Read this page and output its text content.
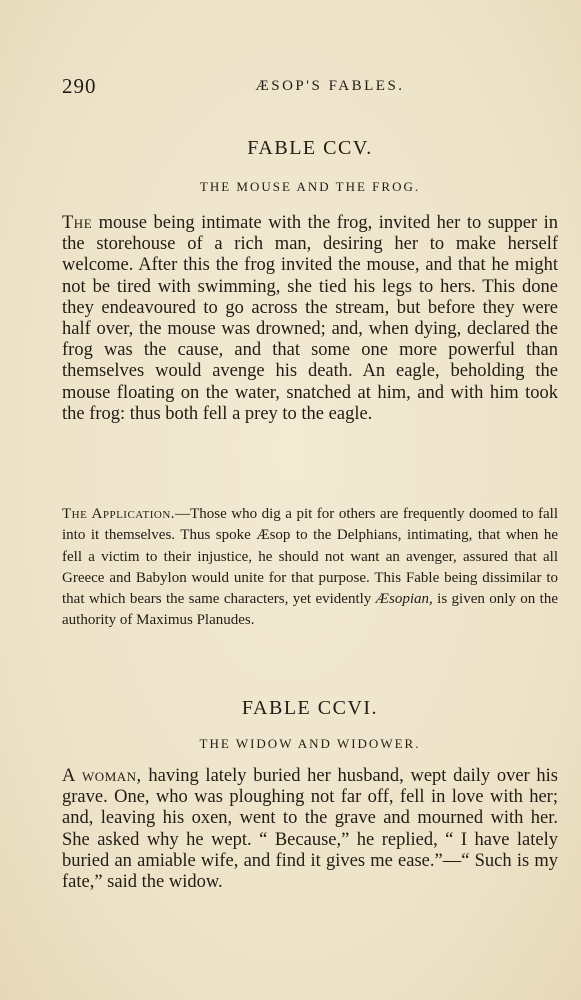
290	ÆSOP'S FABLES.
FABLE CCV.
THE MOUSE AND THE FROG.
The mouse being intimate with the frog, invited her to supper in the storehouse of a rich man, desiring her to make herself welcome. After this the frog invited the mouse, and that he might not be tired with swimming, she tied his legs to hers. This done they endeavoured to go across the stream, but before they were half over, the mouse was drowned; and, when dying, declared the frog was the cause, and that some one more powerful than themselves would avenge his death. An eagle, beholding the mouse floating on the water, snatched at him, and with him took the frog: thus both fell a prey to the eagle.
The Application.—Those who dig a pit for others are frequently doomed to fall into it themselves. Thus spoke Æsop to the Delphians, intimating, that when he fell a victim to their injustice, he should not want an avenger, assured that all Greece and Babylon would unite for that purpose. This Fable being dissimilar to that which bears the same characters, yet evidently Æsopian, is given only on the authority of Maximus Planudes.
FABLE CCVI.
THE WIDOW AND WIDOWER.
A woman, having lately buried her husband, wept daily over his grave. One, who was ploughing not far off, fell in love with her; and, leaving his oxen, went to the grave and mourned with her. She asked why he wept. “ Because,” he replied, “ I have lately buried an amiable wife, and find it gives me ease.”—“ Such is my fate,” said the widow.
